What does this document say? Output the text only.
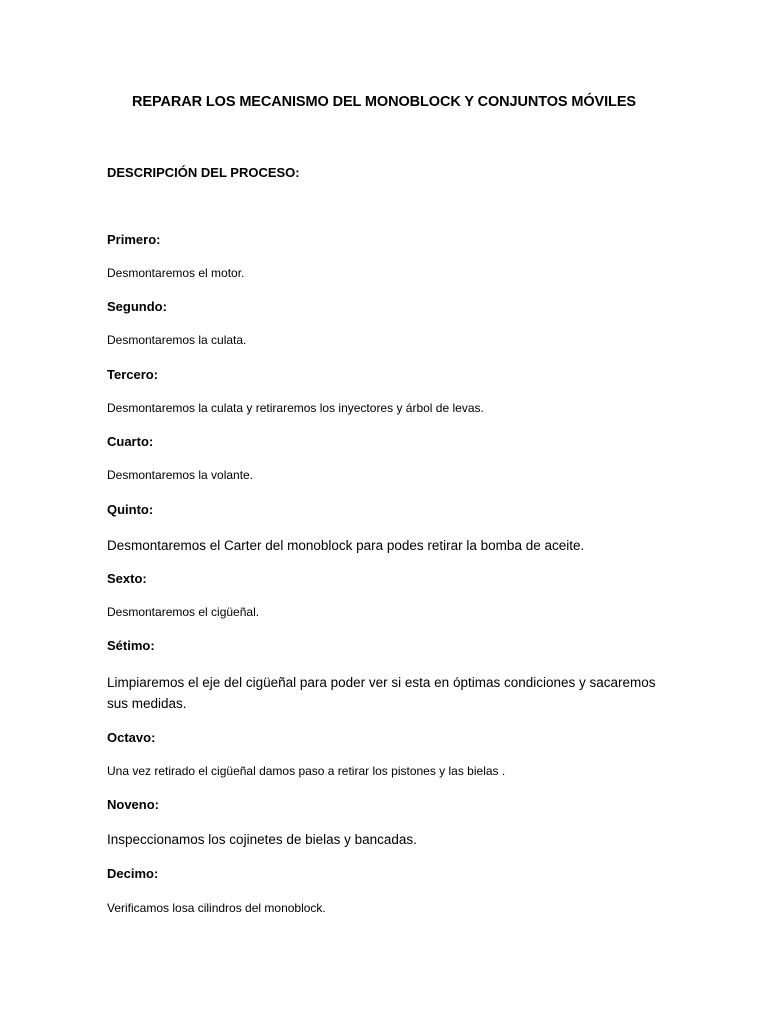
REPARAR LOS MECANISMO DEL MONOBLOCK Y CONJUNTOS MÓVILES
DESCRIPCIÓN DEL PROCESO:
Primero:
Desmontaremos el motor.
Segundo:
Desmontaremos la culata.
Tercero:
Desmontaremos la culata y retiraremos los inyectores y árbol de levas.
Cuarto:
Desmontaremos la volante.
Quinto:
Desmontaremos el Carter del monoblock para podes retirar la bomba de aceite.
Sexto:
Desmontaremos el cigüeñal.
Sétimo:
Limpiaremos el eje del cigüeñal para poder ver si esta en óptimas condiciones y sacaremos sus medidas.
Octavo:
Una vez retirado el cigüeñal damos paso a retirar los pistones y las bielas .
Noveno:
Inspeccionamos los cojinetes de bielas y bancadas.
Decimo:
Verificamos losa cilindros del monoblock.
